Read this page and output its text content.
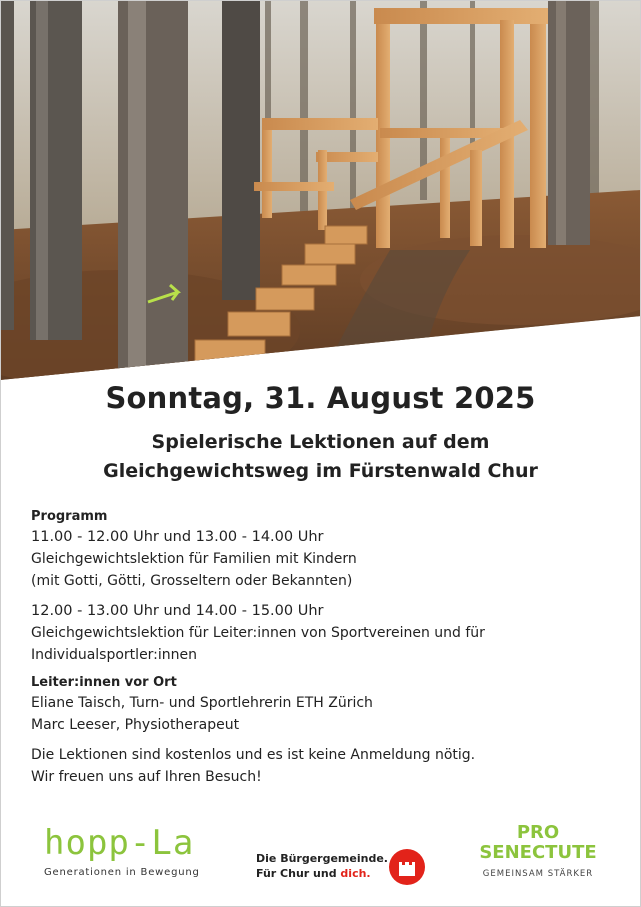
Sonntag, 31. August 2025
Spielerische Lektionen auf dem
Gleichgewichtsweg im Fürstenwald Chur

Programm

11.00 - 12.00 Uhr und 13.00 - 14.00 Uhr

Gleichgewichtslektion für Familien mit Kindern

(mit Gotti, Götti, Grosseltern oder Bekannten)

12.00 - 13.00 Uhr und 14.00 - 15.00 Uhr

Gleichgewichtslektion für Leiter:innen von Sportvereinen und für

Individualsportler:innen

Leiter:innen vor Ort

Eliane Taisch, Turn- und Sportlehrerin ETH Zürich

Marc Leeser, Physiotherapeut

Die Lektionen sind kostenlos und es ist keine Anmeldung nötig.

Wir freuen uns auf Ihren Besuch!

hopp-La
Generationen in Bewegung
Die Bürgergemeinde.
Für Chur und dich.
PRO
SENECTUTE
GEMEINSAM STÄRKER
